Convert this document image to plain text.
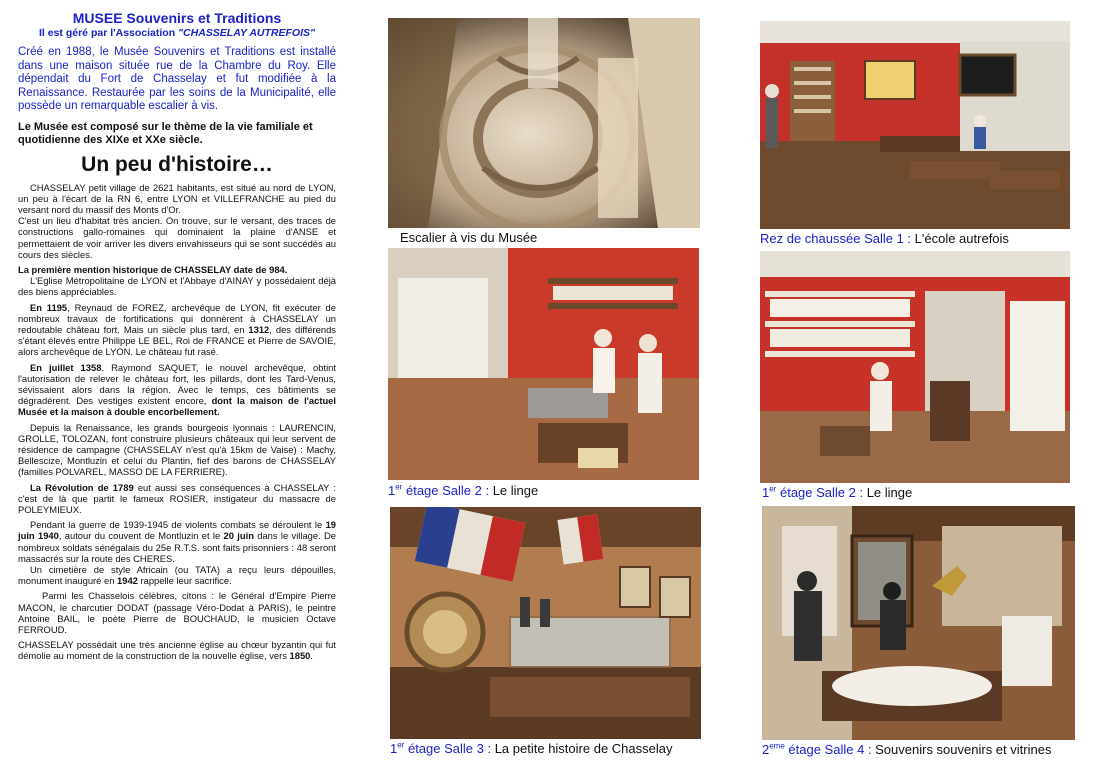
MUSEE Souvenirs et Traditions
Il est géré par l'Association "CHASSELAY AUTREFOIS"
Créé en 1988, le Musée Souvenirs et Traditions est installé dans une maison située rue de la Chambre du Roy. Elle dépendait du Fort de Chasselay et fut modifiée à la Renaissance. Restaurée par les soins de la Municipalité, elle possède un remarquable escalier à vis.
Le Musée est composé sur le thème de la vie familiale et quotidienne des XIXe et XXe siècle.
Un peu d'histoire…
CHASSELAY petit village de 2621 habitants, est situé au nord de LYON, un peu à l'écart de la RN 6, entre LYON et VILLEFRANCHE au pied du versant nord du massif des Monts d'Or.
C'est un lieu d'habitat très ancien. On trouve, sur le versant, des traces de constructions gallo-romaines qui dominaient la plaine d'ANSE et permettaient de voir arriver les divers envahisseurs qui se sont succédés au cours des siècles.
La première mention historique de CHASSELAY date de 984.
L'Eglise Métropolitaine de LYON et l'Abbaye d'AINAY y possédaient déjà des biens appréciables.
En 1195, Reynaud de FOREZ, archevêque de LYON, fit exécuter de nombreux travaux de fortifications qui donnèrent à CHASSELAY un redoutable château fort. Mais un siècle plus tard, en 1312, des différends s'étant élevés entre Philippe LE BEL, Roi de FRANCE et Pierre de SAVOIE, alors archevêque de LYON. Le château fut rasé.
En juillet 1358. Raymond SAQUET, le nouvel archevêque, obtint l'autorisation de relever le château fort, les pillards, dont les Tard-Venus, sévissaient alors dans la région. Avec le temps, ces bâtiments se dégradèrent. Des vestiges existent encore, dont la maison de l'actuel Musée et la maison à double encorbellement.
Depuis la Renaissance, les grands bourgeois lyonnais : LAURENCIN, GROLLE, TOLOZAN, font construire plusieurs châteaux qui leur servent de résidence de campagne (CHASSELAY n'est qu'à 15km de Vaise) : Machy, Bellescize, Montluzin et celui du Plantin, fief des barons de CHASSELAY (familles POLVAREL, MASSO DE LA FERRIERE).
La Révolution de 1789 eut aussi ses conséquences à CHASSELAY : c'est de là que partit le fameux ROSIER, instigateur du massacre de POLEYMIEUX.
Pendant la guerre de 1939-1945 de violents combats se déroulent le 19 juin 1940, autour du couvent de Montluzin et le 20 juin dans le village. De nombreux soldats sénégalais du 25e R.T.S. sont faits prisonniers : 48 seront massacrés sur la route des CHERES.
Un cimetière de style Africain (ou TATA) a reçu leurs dépouilles, monument inauguré en 1942 rappelle leur sacrifice.
Parmi les Chasselois célèbres, citons : le Général d'Empire Pierre MACON, le charcutier DODAT (passage Véro-Dodat à PARIS), le peintre Antoine BAIL, le poète Pierre de BOUCHAUD, le musicien Octave FERROUD.
CHASSELAY possédait une très ancienne église au chœur byzantin qui fut démolie au moment de la construction de la nouvelle église, vers 1850.
Escalier à vis du Musée	Rez de chaussée Salle 1 : L'école autrefois
1er étage Salle 2 : Le linge	1er étage Salle 2 : Le linge
1er étage Salle 3 : La petite histoire de Chasselay	2eme étage Salle 4 : Souvenirs souvenirs et vitrines
